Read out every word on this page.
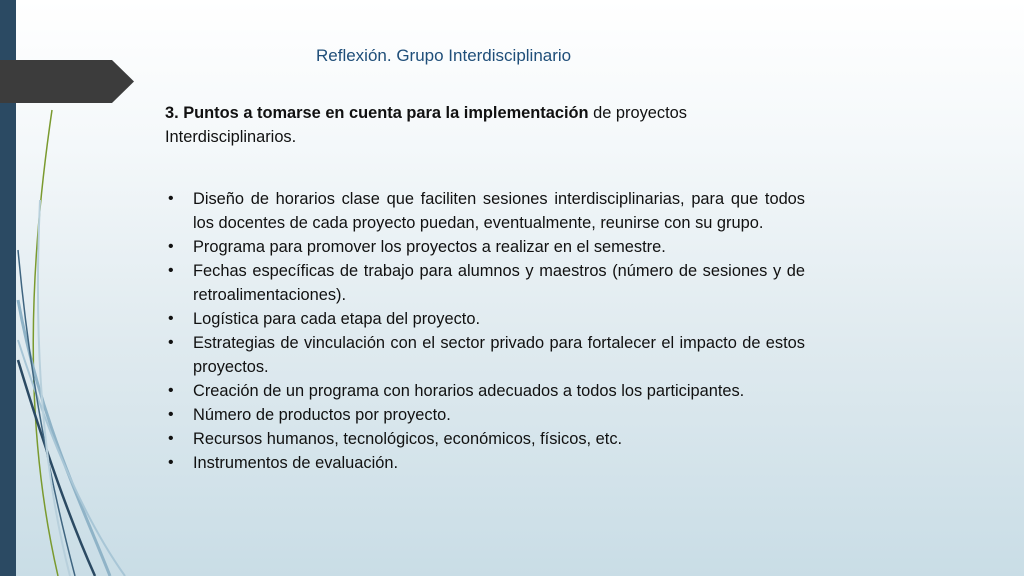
Reflexión. Grupo Interdisciplinario

3. Puntos a tomarse en cuenta para la implementación de proyectos Interdisciplinarios.

• Diseño de horarios clase que faciliten sesiones interdisciplinarias, para que todos los docentes de cada proyecto puedan, eventualmente, reunirse con su grupo.
• Programa para promover los proyectos a realizar en el semestre.
• Fechas específicas de trabajo para alumnos y maestros (número de sesiones y de retroalimentaciones).
• Logística para cada etapa del proyecto.
• Estrategias de vinculación con el sector privado para fortalecer el impacto de estos proyectos.
• Creación de un programa con horarios adecuados a todos los participantes.
• Número de productos por proyecto.
• Recursos humanos, tecnológicos, económicos, físicos, etc.
• Instrumentos de evaluación.
